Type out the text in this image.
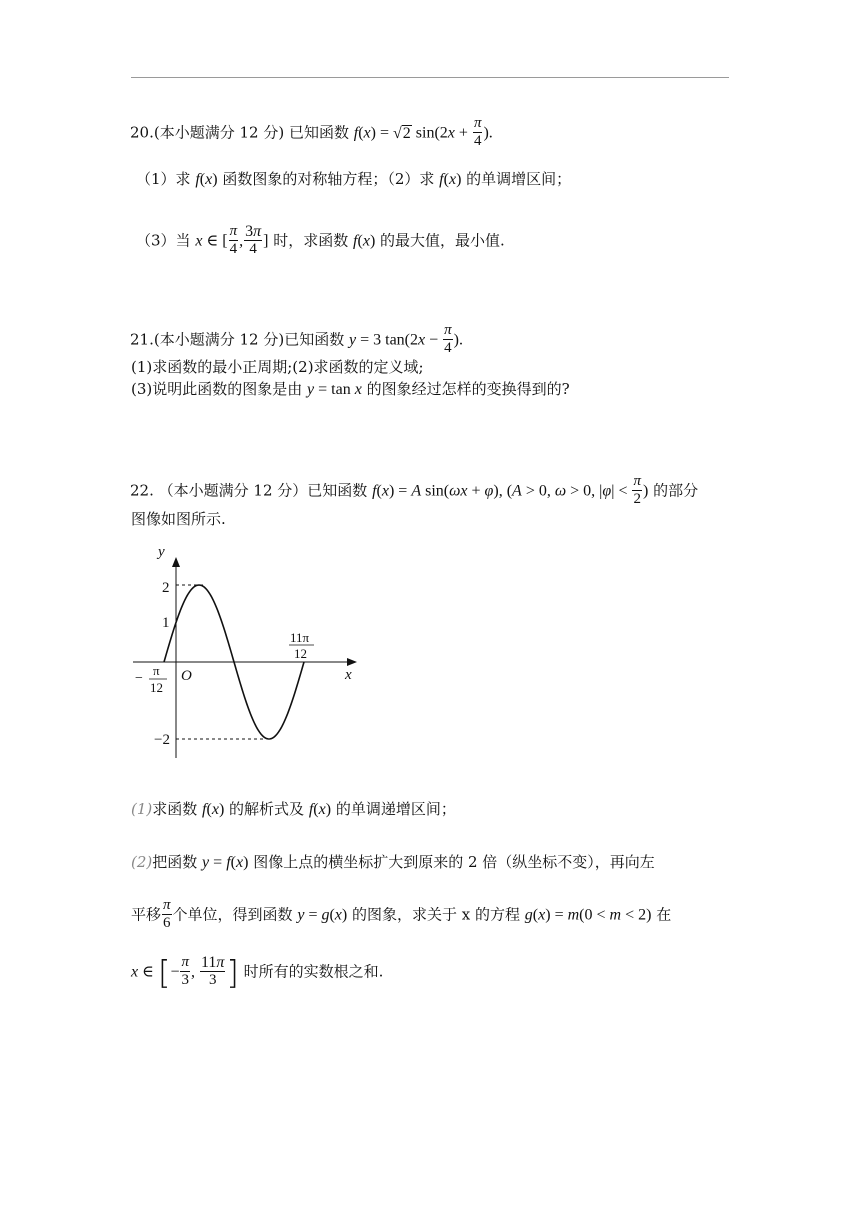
20.(本小题满分 12 分) 已知函数 f(x) = √2 $\sin(2x + \frac{\pi}{4}$ ).
（1）求 f(x) 函数图象的对称轴方程；（2）求 f(x) 的单调增区间；
（3）当 x ∈ [ $\frac{\pi}{4}$ , $\frac{3\pi}{4}$ ] 时，求函数 f(x) 的最大值，最小值.
21.(本小题满分 12 分)已知函数 y = 3 $\tan(2x - \frac{\pi}{4}$ ).
(1)求函数的最小正周期;(2)求函数的定义域;
(3)说明此函数的图象是由 y = tan x 的图象经过怎样的变换得到的?
22. （本小题满分 12 分）已知函数 f(x) = A sin(ωx + φ), (A > 0, ω > 0, $|\varphi| < \frac{\pi}{2}$ ) 的部分
图像如图所示.
y
x
O
2
1
−2
−
π
12
11π
12
(1)求函数 f(x) 的解析式及 f(x) 的单调递增区间；
(2)把函数 y = f(x) 图像上点的横坐标扩大到原来的 2 倍（纵坐标不变），再向左
平移 $\frac{\pi}{6}$ 个单位，得到函数 y = g(x) 的图象，求关于 x 的方程 g(x) = m(0 < m < 2) 在
x ∈ [− $\frac{\pi}{3}$ , $\frac{11\pi}{3}$ ] 时所有的实数根之和.
